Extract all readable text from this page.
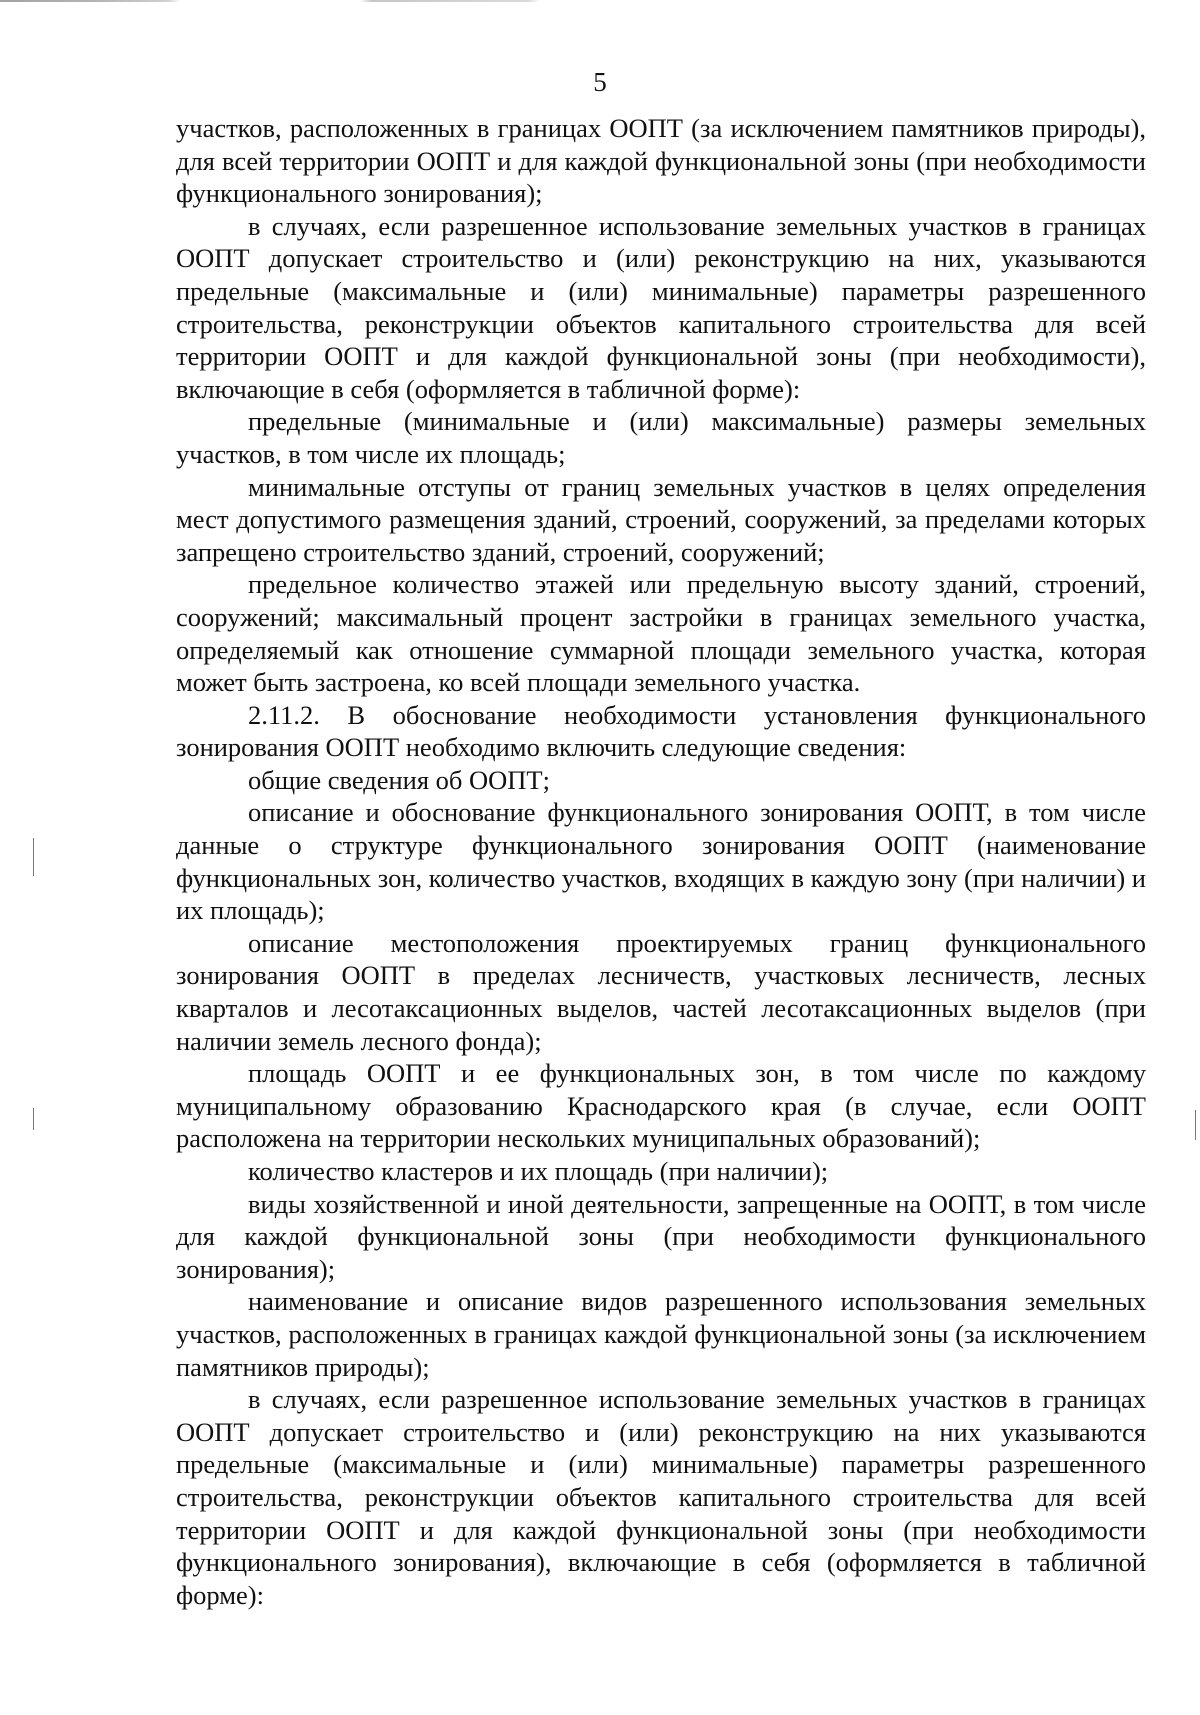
5

участков, расположенных в границах ООПТ (за исключением памятников природы), для всей территории ООПТ и для каждой функциональной зоны (при необходимости функционального зонирования);

в случаях, если разрешенное использование земельных участков в границах ООПТ допускает строительство и (или) реконструкцию на них, указываются предельные (максимальные и (или) минимальные) параметры разрешенного строительства, реконструкции объектов капитального строительства для всей территории ООПТ и для каждой функциональной зоны (при необходимости), включающие в себя (оформляется в табличной форме):

предельные (минимальные и (или) максимальные) размеры земельных участков, в том числе их площадь;

минимальные отступы от границ земельных участков в целях определения мест допустимого размещения зданий, строений, сооружений, за пределами которых запрещено строительство зданий, строений, сооружений;

предельное количество этажей или предельную высоту зданий, строений, сооружений; максимальный процент застройки в границах земельного участка, определяемый как отношение суммарной площади земельного участка, которая может быть застроена, ко всей площади земельного участка.

2.11.2. В обоснование необходимости установления функционального зонирования ООПТ необходимо включить следующие сведения:

общие сведения об ООПТ;

описание и обоснование функционального зонирования ООПТ, в том числе данные о структуре функционального зонирования ООПТ (наименование функциональных зон, количество участков, входящих в каждую зону (при наличии) и их площадь);

описание местоположения проектируемых границ функционального зонирования ООПТ в пределах лесничеств, участковых лесничеств, лесных кварталов и лесотаксационных выделов, частей лесотаксационных выделов (при наличии земель лесного фонда);

площадь ООПТ и ее функциональных зон, в том числе по каждому муниципальному образованию Краснодарского края (в случае, если ООПТ расположена на территории нескольких муниципальных образований);

количество кластеров и их площадь (при наличии);

виды хозяйственной и иной деятельности, запрещенные на ООПТ, в том числе для каждой функциональной зоны (при необходимости функционального зонирования);

наименование и описание видов разрешенного использования земельных участков, расположенных в границах каждой функциональной зоны (за исключением памятников природы);

в случаях, если разрешенное использование земельных участков в границах ООПТ допускает строительство и (или) реконструкцию на них указываются предельные (максимальные и (или) минимальные) параметры разрешенного строительства, реконструкции объектов капитального строительства для всей территории ООПТ и для каждой функциональной зоны (при необходимости функционального зонирования), включающие в себя (оформляется в табличной форме):
